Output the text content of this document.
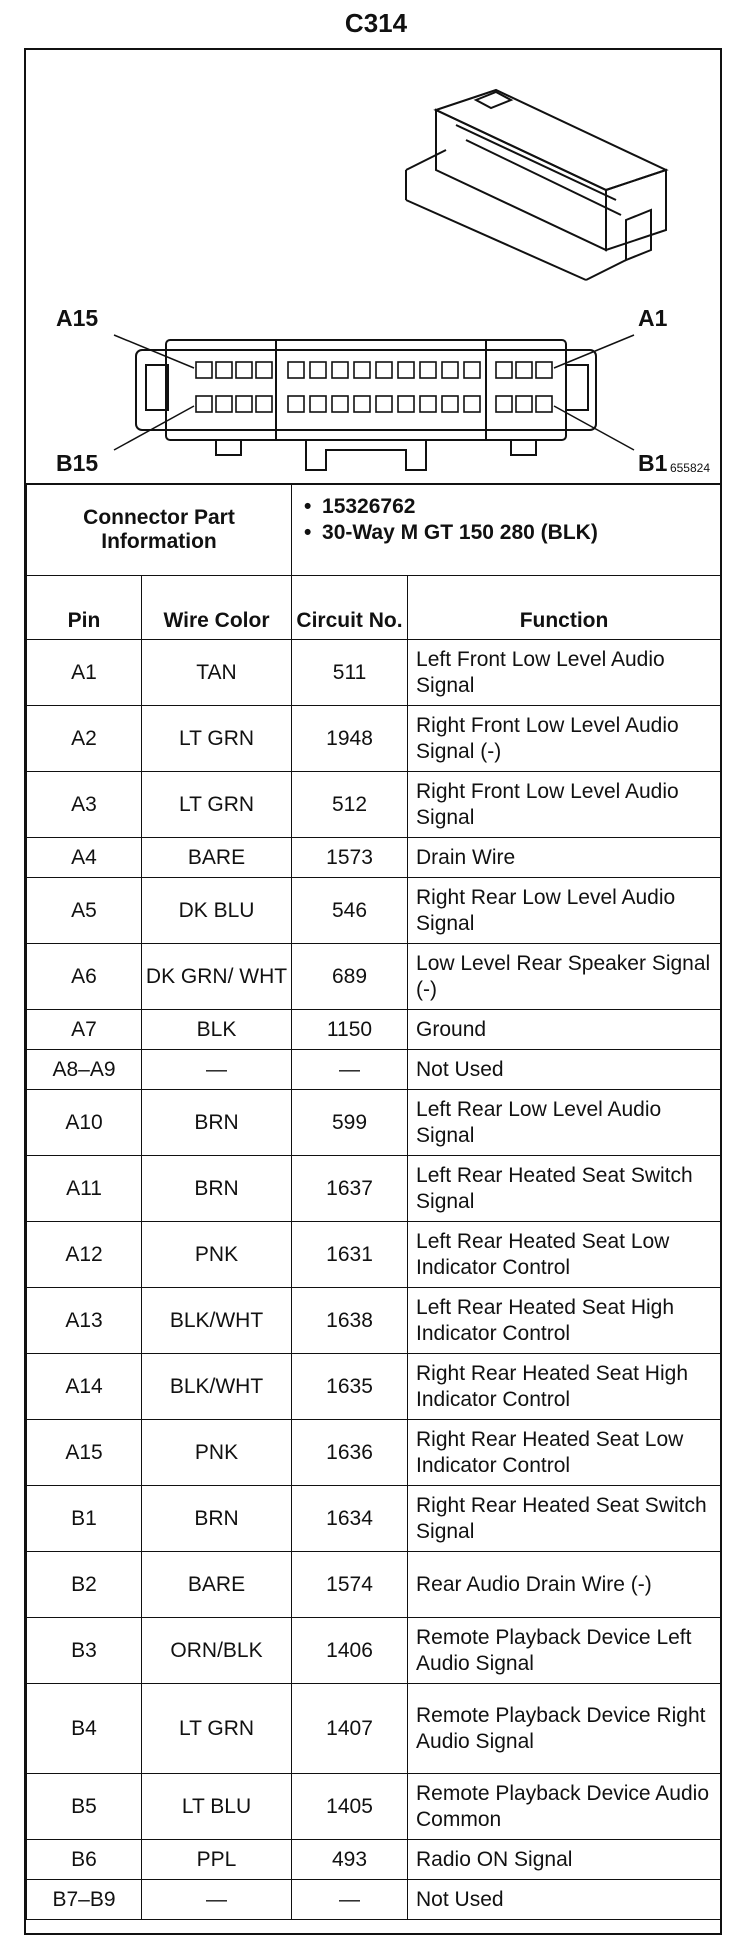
C314
A15	A1
B15	B1 655824
Connector Part Information		• 15326762
• 30-Way M GT 150 280 (BLK)

Pin	Wire Color	Circuit No.	Function
A1	TAN	511	Left Front Low Level Audio Signal
A2	LT GRN	1948	Right Front Low Level Audio Signal (-)
A3	LT GRN	512	Right Front Low Level Audio Signal
A4	BARE	1573	Drain Wire
A5	DK BLU	546	Right Rear Low Level Audio Signal
A6	DK GRN/ WHT	689	Low Level Rear Speaker Signal (-)
A7	BLK	1150	Ground
A8–A9	—	—	Not Used
A10	BRN	599	Left Rear Low Level Audio Signal
A11	BRN	1637	Left Rear Heated Seat Switch Signal
A12	PNK	1631	Left Rear Heated Seat Low Indicator Control
A13	BLK/WHT	1638	Left Rear Heated Seat High Indicator Control
A14	BLK/WHT	1635	Right Rear Heated Seat High Indicator Control
A15	PNK	1636	Right Rear Heated Seat Low Indicator Control
B1	BRN	1634	Right Rear Heated Seat Switch Signal
B2	BARE	1574	Rear Audio Drain Wire (-)
B3	ORN/BLK	1406	Remote Playback Device Left Audio Signal
B4	LT GRN	1407	Remote Playback Device Right Audio Signal
B5	LT BLU	1405	Remote Playback Device Audio Common
B6	PPL	493	Radio ON Signal
B7–B9	—	—	Not Used
